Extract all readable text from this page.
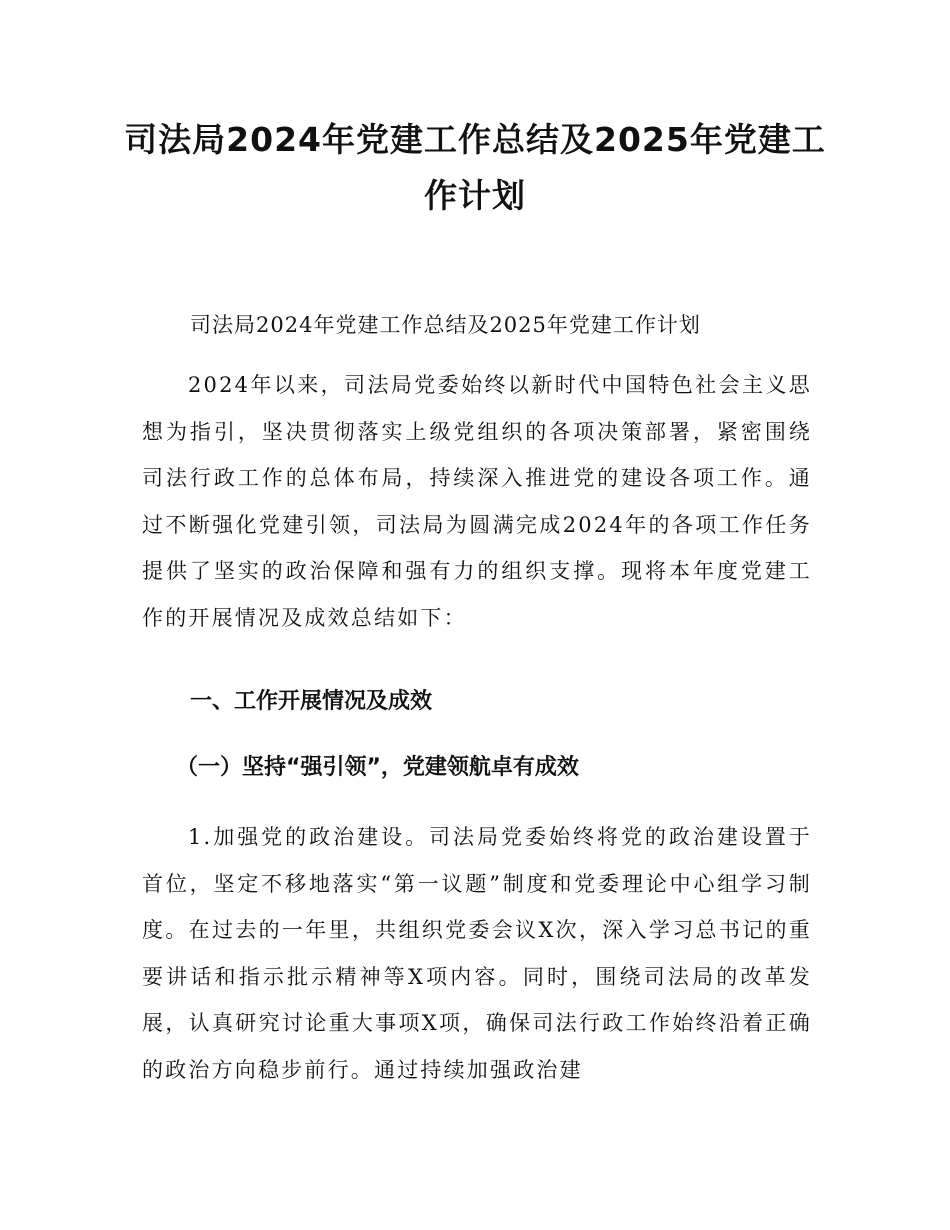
司法局2024年党建工作总结及2025年党建工作计划

司法局2024年党建工作总结及2025年党建工作计划

2024年以来，司法局党委始终以新时代中国特色社会主义思想为指引，坚决贯彻落实上级党组织的各项决策部署，紧密围绕司法行政工作的总体布局，持续深入推进党的建设各项工作。通过不断强化党建引领，司法局为圆满完成2024年的各项工作任务提供了坚实的政治保障和强有力的组织支撑。现将本年度党建工作的开展情况及成效总结如下：

一、工作开展情况及成效
（一）坚持“强引领”，党建领航卓有成效

1.加强党的政治建设。司法局党委始终将党的政治建设置于首位，坚定不移地落实“第一议题”制度和党委理论中心组学习制度。在过去的一年里，共组织党委会议X次，深入学习总书记的重要讲话和指示批示精神等X项内容。同时，围绕司法局的改革发展，认真研究讨论重大事项X项，确保司法行政工作始终沿着正确的政治方向稳步前行。通过持续加强政治建
